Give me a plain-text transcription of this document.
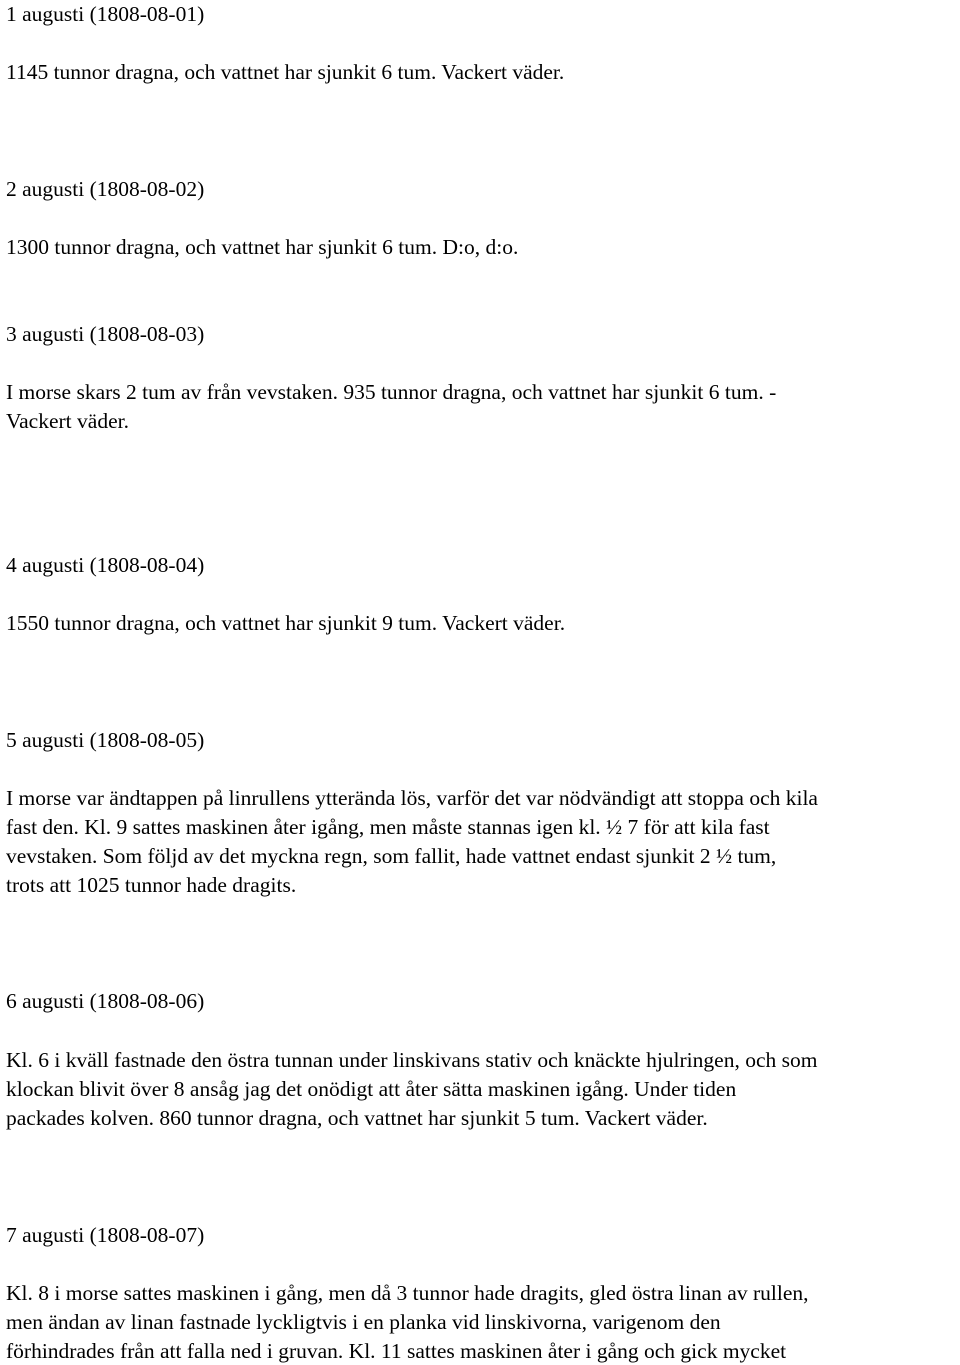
1 augusti (1808-08-01)

1145 tunnor dragna, och vattnet har sjunkit 6 tum. Vackert väder.

2 augusti (1808-08-02)

1300 tunnor dragna, och vattnet har sjunkit 6 tum. D:o, d:o.

3 augusti (1808-08-03)

I morse skars 2 tum av från vevstaken. 935 tunnor dragna, och vattnet har sjunkit 6 tum. -

Vackert väder.

4 augusti (1808-08-04)

1550 tunnor dragna, och vattnet har sjunkit 9 tum. Vackert väder.

5 augusti (1808-08-05)

I morse var ändtappen på linrullens ytterända lös, varför det var nödvändigt att stoppa och kila

fast den. Kl. 9 sattes maskinen åter igång, men måste stannas igen kl. ½ 7 för att kila fast

vevstaken. Som följd av det myckna regn, som fallit, hade vattnet endast sjunkit 2 ½ tum,

trots att 1025 tunnor hade dragits.

6 augusti (1808-08-06)

Kl. 6 i kväll fastnade den östra tunnan under linskivans stativ och knäckte hjulringen, och som

klockan blivit över 8 ansåg jag det onödigt att åter sätta maskinen igång. Under tiden

packades kolven. 860 tunnor dragna, och vattnet har sjunkit 5 tum. Vackert väder.

7 augusti (1808-08-07)

Kl. 8 i morse sattes maskinen i gång, men då 3 tunnor hade dragits, gled östra linan av rullen,

men ändan av linan fastnade lyckligtvis i en planka vid linskivorna, varigenom den

förhindrades från att falla ned i gruvan. Kl. 11 sattes maskinen åter i gång och gick mycket
